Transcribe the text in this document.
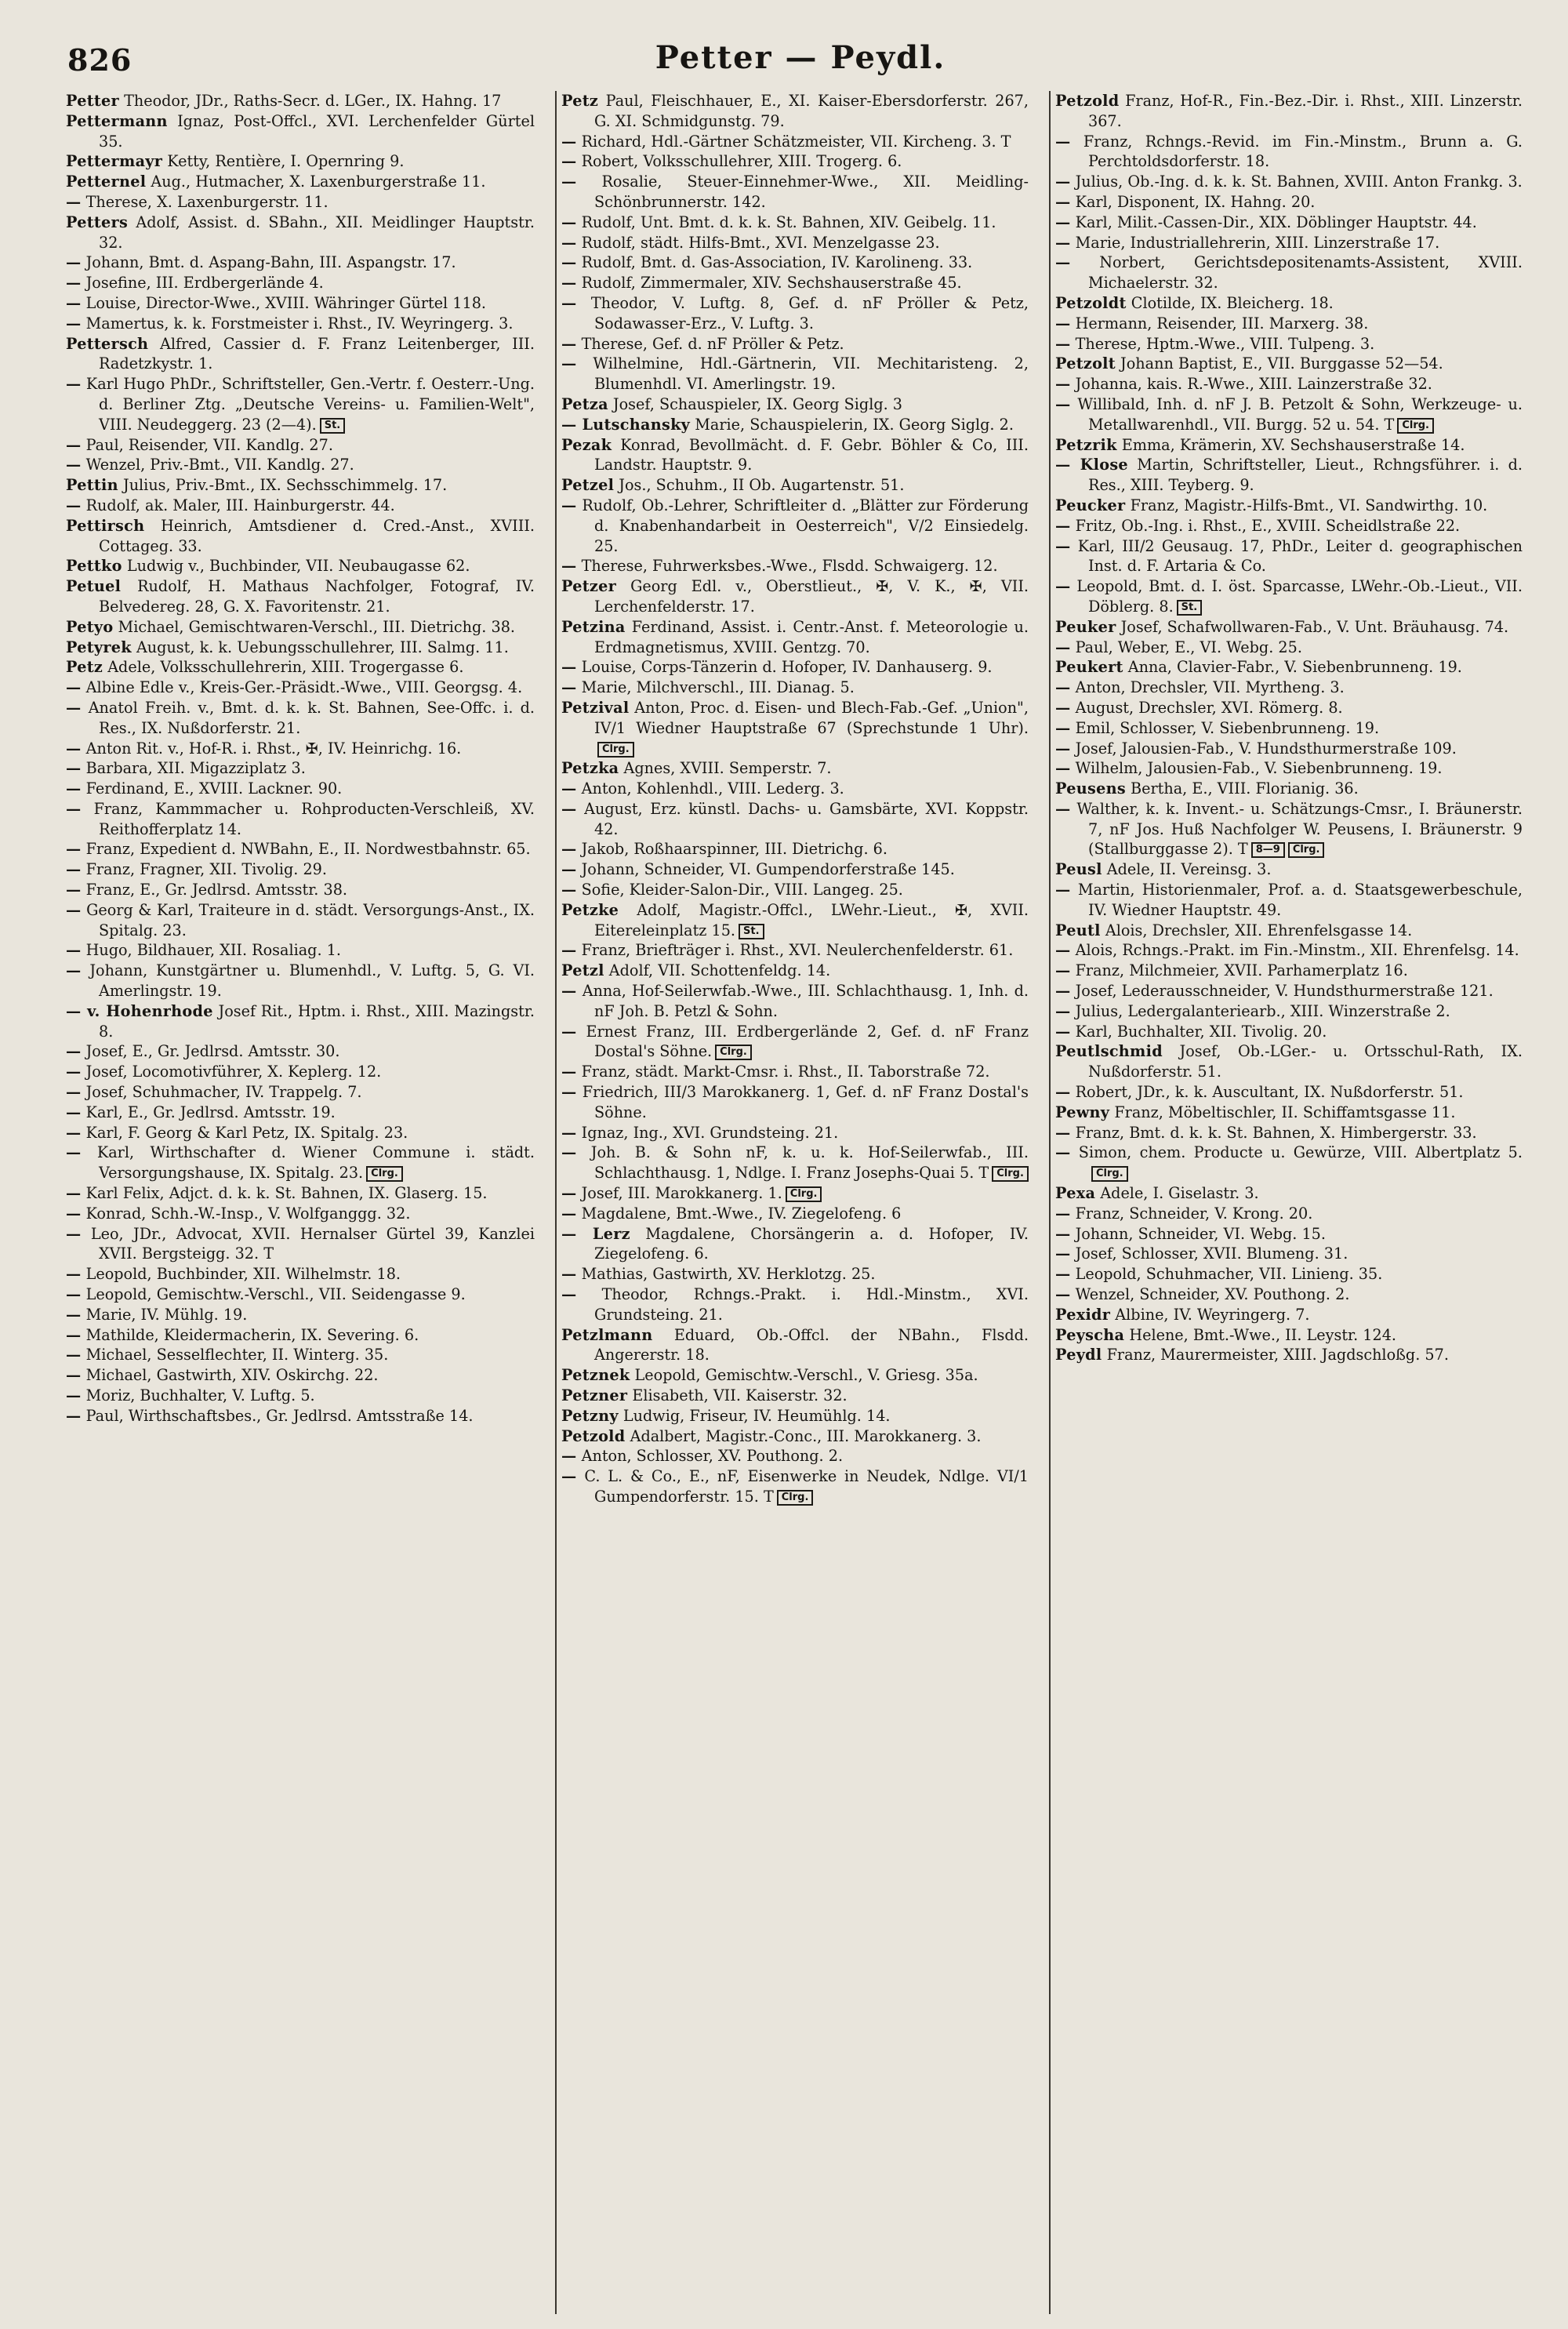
826	Petter — Peydl.
Petter Theodor, JDr., Raths-Secr. d. LGer., IX. Hahng. 17
Pettermann Ignaz, Post-Offcl., XVI. Lerchenfelder Gürtel 35.
Pettermayr Ketty, Rentière, I. Opernring 9.
Petternel Aug., Hutmacher, X. Laxenburgerstraße 11.
— Therese, X. Laxenburgerstr. 11.
Petters Adolf, Assist. d. SBahn., XII. Meidlinger Hauptstr. 32.
— Johann, Bmt. d. Aspang-Bahn, III. Aspangstr. 17.
— Josefine, III. Erdbergerlände 4.
— Louise, Director-Wwe., XVIII. Währinger Gürtel 118.
— Mamertus, k. k. Forstmeister i. Rhst., IV. Weyringerg. 3.
Pettersch Alfred, Cassier d. F. Franz Leitenberger, III. Radetzkystr. 1.
— Karl Hugo PhDr., Schriftsteller, Gen.-Vertr. f. Oesterr.-Ung. d. Berliner Ztg. „Deutsche Vereins- u. Familien-Welt", VIII. Neudeggerg. 23 (2—4). St.
— Paul, Reisender, VII. Kandlg. 27.
— Wenzel, Priv.-Bmt., VII. Kandlg. 27.
Pettin Julius, Priv.-Bmt., IX. Sechsschimmelg. 17.
— Rudolf, ak. Maler, III. Hainburgerstr. 44.
Pettirsch Heinrich, Amtsdiener d. Cred.-Anst., XVIII. Cottageg. 33.
Pettko Ludwig v., Buchbinder, VII. Neubaugasse 62.
Petuel Rudolf, H. Mathaus Nachfolger, Fotograf, IV. Belvedereg. 28, G. X. Favoritenstr. 21.
Petyo Michael, Gemischtwaren-Verschl., III. Dietrichg. 38.
Petyrek August, k. k. Uebungsschullehrer, III. Salmg. 11.
Petz Adele, Volksschullehrerin, XIII. Trogergasse 6.
— Albine Edle v., Kreis-Ger.-Präsidt.-Wwe., VIII. Georgsg. 4.
— Anatol Freih. v., Bmt. d. k. k. St. Bahnen, See-Offc. i. d. Res., IX. Nußdorferstr. 21.
— Anton Rit. v., Hof-R. i. Rhst., ✠, IV. Heinrichg. 16.
— Barbara, XII. Migazziplatz 3.
— Ferdinand, E., XVIII. Lackner. 90.
— Franz, Kammmacher u. Rohproducten-Verschleiß, XV. Reithofferplatz 14.
— Franz, Expedient d. NWBahn, E., II. Nordwestbahnstr. 65.
— Franz, Fragner, XII. Tivolig. 29.
— Franz, E., Gr. Jedlrsd. Amtsstr. 38.
— Georg & Karl, Traiteure in d. städt. Versorgungs-Anst., IX. Spitalg. 23.
— Hugo, Bildhauer, XII. Rosaliag. 1.
— Johann, Kunstgärtner u. Blumenhdl., V. Luftg. 5, G. VI. Amerlingstr. 19.
— v. Hohenrhode Josef Rit., Hptm. i. Rhst., XIII. Mazingstr. 8.
— Josef, E., Gr. Jedlrsd. Amtsstr. 30.
— Josef, Locomotivführer, X. Keplerg. 12.
— Josef, Schuhmacher, IV. Trappelg. 7.
— Karl, E., Gr. Jedlrsd. Amtsstr. 19.
— Karl, F. Georg & Karl Petz, IX. Spitalg. 23.
— Karl, Wirthschafter d. Wiener Commune i. städt. Versorgungshause, IX. Spitalg. 23. Clrg.
— Karl Felix, Adjct. d. k. k. St. Bahnen, IX. Glaserg. 15.
— Konrad, Schh.-W.-Insp., V. Wolfganggg. 32.
— Leo, JDr., Advocat, XVII. Hernalser Gürtel 39, Kanzlei XVII. Bergsteigg. 32. T
— Leopold, Buchbinder, XII. Wilhelmstr. 18.
— Leopold, Gemischtw.-Verschl., VII. Seidengasse 9.
— Marie, IV. Mühlg. 19.
— Mathilde, Kleidermacherin, IX. Severing. 6.
— Michael, Sesselflechter, II. Winterg. 35.
— Michael, Gastwirth, XIV. Oskirchg. 22.
— Moriz, Buchhalter, V. Luftg. 5.
— Paul, Wirthschaftsbes., Gr. Jedlrsd. Amtsstraße 14.
Petz Paul, Fleischhauer, E., XI. Kaiser-Ebersdorferstr. 267, G. XI. Schmidgunstg. 79.
— Richard, Hdl.-Gärtner Schätzmeister, VII. Kircheng. 3. T
— Robert, Volksschullehrer, XIII. Trogerg. 6.
— Rosalie, Steuer-Einnehmer-Wwe., XII. Meidling-Schönbrunnerstr. 142.
— Rudolf, Unt. Bmt. d. k. k. St. Bahnen, XIV. Geibelg. 11.
— Rudolf, städt. Hilfs-Bmt., XVI. Menzelgasse 23.
— Rudolf, Bmt. d. Gas-Association, IV. Karolineng. 33.
— Rudolf, Zimmermaler, XIV. Sechshauserstraße 45.
— Theodor, V. Luftg. 8, Gef. d. nF Pröller & Petz, Sodawasser-Erz., V. Luftg. 3.
— Therese, Gef. d. nF Pröller & Petz.
— Wilhelmine, Hdl.-Gärtnerin, VII. Mechitaristeng. 2, Blumenhdl. VI. Amerlingstr. 19.
Petza Josef, Schauspieler, IX. Georg Siglg. 3
— Lutschansky Marie, Schauspielerin, IX. Georg Siglg. 2.
Pezak Konrad, Bevollmächt. d. F. Gebr. Böhler & Co, III. Landstr. Hauptstr. 9.
Petzel Jos., Schuhm., II Ob. Augartenstr. 51.
— Rudolf, Ob.-Lehrer, Schriftleiter d. „Blätter zur Förderung d. Knabenhandarbeit in Oesterreich", V/2 Einsiedelg. 25.
— Therese, Fuhrwerksbes.-Wwe., Flsdd. Schwaigerg. 12.
Petzer Georg Edl. v., Oberstlieut., ✠, V. K., ✠, VII. Lerchenfelderstr. 17.
Petzina Ferdinand, Assist. i. Centr.-Anst. f. Meteorologie u. Erdmagnetismus, XVIII. Gentzg. 70.
— Louise, Corps-Tänzerin d. Hofoper, IV. Danhauserg. 9.
— Marie, Milchverschl., III. Dianag. 5.
Petzival Anton, Proc. d. Eisen- und Blech-Fab.-Gef. „Union", IV/1 Wiedner Hauptstraße 67 (Sprechstunde 1 Uhr).Clrg.
Petzka Agnes, XVIII. Semperstr. 7.
— Anton, Kohlenhdl., VIII. Lederg. 3.
— August, Erz. künstl. Dachs- u. Gamsbärte, XVI. Koppstr. 42.
— Jakob, Roßhaarspinner, III. Dietrichg. 6.
— Johann, Schneider, VI. Gumpendorferstraße 145.
— Sofie, Kleider-Salon-Dir., VIII. Langeg. 25.
Petzke Adolf, Magistr.-Offcl., LWehr.-Lieut., ✠, XVII. Eitereleinplatz 15. St.
— Franz, Briefträger i. Rhst., XVI. Neulerchenfelderstr. 61.
Petzl Adolf, VII. Schottenfeldg. 14.
— Anna, Hof-Seilerwfab.-Wwe., III. Schlachthausg. 1, Inh. d. nF Joh. B. Petzl & Sohn.
— Ernest Franz, III. Erdbergerlände 2, Gef. d. nF Franz Dostal's Söhne. Clrg.
— Franz, städt. Markt-Cmsr. i. Rhst., II. Taborstraße 72.
— Friedrich, III/3 Marokkanerg. 1, Gef. d. nF Franz Dostal's Söhne.
— Ignaz, Ing., XVI. Grundsteing. 21.
— Joh. B. & Sohn nF, k. u. k. Hof-Seilerwfab., III. Schlachthausg. 1, Ndlge. I. Franz Josephs-Quai 5. T Clrg.
— Josef, III. Marokkanerg. 1. Clrg.
— Magdalene, Bmt.-Wwe., IV. Ziegelofeng. 6
— Lerz Magdalene, Chorsängerin a. d. Hofoper, IV. Ziegelofeng. 6.
— Mathias, Gastwirth, XV. Herklotzg. 25.
— Theodor, Rchngs.-Prakt. i. Hdl.-Minstm., XVI. Grundsteing. 21.
Petzlmann Eduard, Ob.-Offcl. der NBahn., Flsdd. Angererstr. 18.
Petznek Leopold, Gemischtw.-Verschl., V. Griesg. 35a.
Petzner Elisabeth, VII. Kaiserstr. 32.
Petzny Ludwig, Friseur, IV. Heumühlg. 14.
Petzold Adalbert, Magistr.-Conc., III. Marokkanerg. 3.
— Anton, Schlosser, XV. Pouthong. 2.
— C. L. & Co., E., nF, Eisenwerke in Neudek, Ndlge. VI/1 Gumpendorferstr. 15. T Clrg.
Petzold Franz, Hof-R., Fin.-Bez.-Dir. i. Rhst., XIII. Linzerstr. 367.
— Franz, Rchngs.-Revid. im Fin.-Minstm., Brunn a. G. Perchtoldsdorferstr. 18.
— Julius, Ob.-Ing. d. k. k. St. Bahnen, XVIII. Anton Frankg. 3.
— Karl, Disponent, IX. Hahng. 20.
— Karl, Milit.-Cassen-Dir., XIX. Döblinger Hauptstr. 44.
— Marie, Industriallehrerin, XIII. Linzerstraße 17.
— Norbert, Gerichtsdepositenamts-Assistent, XVIII. Michaelerstr. 32.
Petzoldt Clotilde, IX. Bleicherg. 18.
— Hermann, Reisender, III. Marxerg. 38.
— Therese, Hptm.-Wwe., VIII. Tulpeng. 3.
Petzolt Johann Baptist, E., VII. Burggasse 52—54.
— Johanna, kais. R.-Wwe., XIII. Lainzerstraße 32.
— Willibald, Inh. d. nF J. B. Petzolt & Sohn, Werkzeuge- u. Metallwarenhdl., VII. Burgg. 52 u. 54. T Clrg.
Petzrik Emma, Krämerin, XV. Sechshauserstraße 14.
— Klose Martin, Schriftsteller, Lieut., Rchngsführer. i. d. Res., XIII. Teyberg. 9.
Peucker Franz, Magistr.-Hilfs-Bmt., VI. Sandwirthg. 10.
— Fritz, Ob.-Ing. i. Rhst., E., XVIII. Scheidlstraße 22.
— Karl, III/2 Geusaug. 17, PhDr., Leiter d. geographischen Inst. d. F. Artaria & Co.
— Leopold, Bmt. d. I. öst. Sparcasse, LWehr.-Ob.-Lieut., VII. Döblerg. 8. St.
Peuker Josef, Schafwollwaren-Fab., V. Unt. Bräuhausg. 74.
— Paul, Weber, E., VI. Webg. 25.
Peukert Anna, Clavier-Fabr., V. Siebenbrunneng. 19.
— Anton, Drechsler, VII. Myrtheng. 3.
— August, Drechsler, XVI. Römerg. 8.
— Emil, Schlosser, V. Siebenbrunneng. 19.
— Josef, Jalousien-Fab., V. Hundsthurmerstraße 109.
— Wilhelm, Jalousien-Fab., V. Siebenbrunneng. 19.
Peusens Bertha, E., VIII. Florianig. 36.
— Walther, k. k. Invent.- u. Schätzungs-Cmsr., I. Bräunerstr. 7, nF Jos. Huß Nachfolger W. Peusens, I. Bräunerstr. 9 (Stallburggasse 2). T 8—9 Clrg.
Peusl Adele, II. Vereinsg. 3.
— Martin, Historienmaler, Prof. a. d. Staatsgewerbeschule, IV. Wiedner Hauptstr. 49.
Peutl Alois, Drechsler, XII. Ehrenfelsgasse 14.
— Alois, Rchngs.-Prakt. im Fin.-Minstm., XII. Ehrenfelsg. 14.
— Franz, Milchmeier, XVII. Parhamerplatz 16.
— Josef, Lederausschneider, V. Hundsthurmerstraße 121.
— Julius, Ledergalanteriearb., XIII. Winzerstraße 2.
— Karl, Buchhalter, XII. Tivolig. 20.
Peutlschmid Josef, Ob.-LGer.- u. Ortsschul-Rath, IX. Nußdorferstr. 51.
— Robert, JDr., k. k. Auscultant, IX. Nußdorferstr. 51.
Pewny Franz, Möbeltischler, II. Schiffamtsgasse 11.
— Franz, Bmt. d. k. k. St. Bahnen, X. Himbergerstr. 33.
— Simon, chem. Producte u. Gewürze, VIII. Albertplatz 5.Clrg.
Pexa Adele, I. Giselastr. 3.
— Franz, Schneider, V. Krong. 20.
— Johann, Schneider, VI. Webg. 15.
— Josef, Schlosser, XVII. Blumeng. 31.
— Leopold, Schuhmacher, VII. Linieng. 35.
— Wenzel, Schneider, XV. Pouthong. 2.
Pexidr Albine, IV. Weyringerg. 7.
Peyscha Helene, Bmt.-Wwe., II. Leystr. 124.
Peydl Franz, Maurermeister, XIII. Jagdschloßg. 57.
